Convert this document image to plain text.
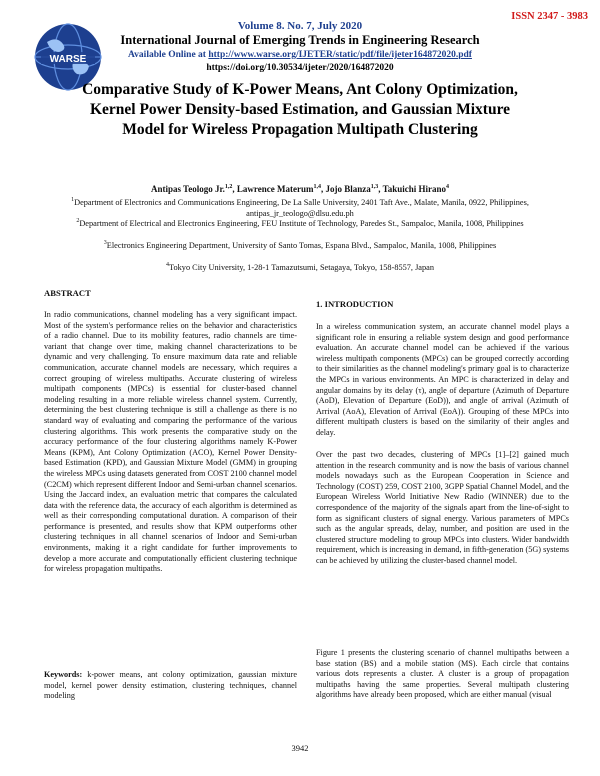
WARSE
ISSN 2347 - 3983
Volume 8. No. 7, July 2020
International Journal of Emerging Trends in Engineering Research
Available Online at http://www.warse.org/IJETER/static/pdf/file/ijeter164872020.pdf
https://doi.org/10.30534/ijeter/2020/164872020
Comparative Study of K-Power Means, Ant Colony Optimization, Kernel Power Density-based Estimation, and Gaussian Mixture Model for Wireless Propagation Multipath Clustering
Antipas Teologo Jr.$^{1,2}$, Lawrence Materum$^{1,4}$, Jojo Blanza$^{1,3}$, Takuichi Hirano$^4$
$^1$Department of Electronics and Communications Engineering, De La Salle University, 2401 Taft Ave., Malate, Manila, 0922, Philippines, antipas_jr_teologo@dlsu.edu.ph
$^2$Department of Electrical and Electronics Engineering, FEU Institute of Technology, Paredes St., Sampaloc, Manila, 1008, Philippines
$^3$Electronics Engineering Department, University of Santo Tomas, Espana Blvd., Sampaloc, Manila, 1008, Philippines
$^4$Tokyo City University, 1-28-1 Tamazutsumi, Setagaya, Tokyo, 158-8557, Japan
ABSTRACT
In radio communications, channel modeling has a very significant impact. Most of the system's performance relies on the behavior and characteristics of a radio channel. Due to its mobility features, radio channels are time-variant that change over time, making channel characterizations to be dynamic and very challenging. To ensure maximum data rate and reliable communication, accurate channel models are necessary, which requires a correct grouping of wireless multipaths. Accurate clustering of wireless multipath components (MPCs) is essential for cluster-based channel modeling resulting in a more reliable wireless channel system. Currently, determining the best clustering technique is still a challenge as there is no standard way of evaluating and comparing the performance of the various clustering algorithms. This work presents the comparative study on the accuracy performance of the four clustering algorithms namely K-Power Means (KPM), Ant Colony Optimization (ACO), Kernel Power Density-based Estimation (KPD), and Gaussian Mixture Model (GMM) in grouping the wireless MPCs using datasets generated from COST 2100 channel model (C2CM) which represent different Indoor and Semi-urban channel scenarios. Using the Jaccard index, an evaluation metric that compares the calculated data with the reference data, the accuracy of each algorithm is determined as well as their corresponding computational duration. A comparison of their performance is presented, and results show that KPM outperforms other clustering techniques in all channel scenarios of Indoor and Semi-urban environments, making it a right candidate for further improvements to develop a more accurate and computationally efficient clustering technique for wireless propagation multipaths.
Keywords: k-power means, ant colony optimization, gaussian mixture model, kernel power density estimation, clustering techniques, channel modeling
1. INTRODUCTION
In a wireless communication system, an accurate channel model plays a significant role in ensuring a reliable system design and good performance evaluation. An accurate channel model can be achieved if the various wireless multipath components (MPCs) can be grouped correctly according to their similarities as the channel modeling's primary goal is to characterize the MPCs in various environments. An MPC is characterized in delay and angular domains by its delay (τ), angle of departure (Azimuth of Departure (AoD), Elevation of Departure (EoD)), and angle of arrival (Azimuth of Arrival (AoA), Elevation of Arrival (EoA)). Grouping of these MPCs into different multipath clusters is based on the similarity of their angles and delay.
Over the past two decades, clustering of MPCs [1]–[2] gained much attention in the research community and is now the basis of various channel models nowadays such as the European Cooperation in Science and Technology (COST) 259, COST 2100, 3GPP Spatial Channel Model, and the European Wireless World Initiative New Radio (WINNER) due to the correspondence of the majority of the signals apart from the line-of-sight to form as significant clusters of signal energy. Various parameters of MPCs such as the angular spreads, delay, number, and position are used in the clustered structure modeling to group MPCs into clusters. Wider bandwidth requirement, which is increasing in demand, in fifth-generation (5G) systems can be achieved by utilizing the cluster-based channel model.
Figure 1 presents the clustering scenario of channel multipaths between a base station (BS) and a mobile station (MS). Each circle that contains various dots represents a cluster. A cluster is a group of propagation multipaths having the same properties. Several multipath clustering algorithms have already been proposed, which are either manual (visual
3942
